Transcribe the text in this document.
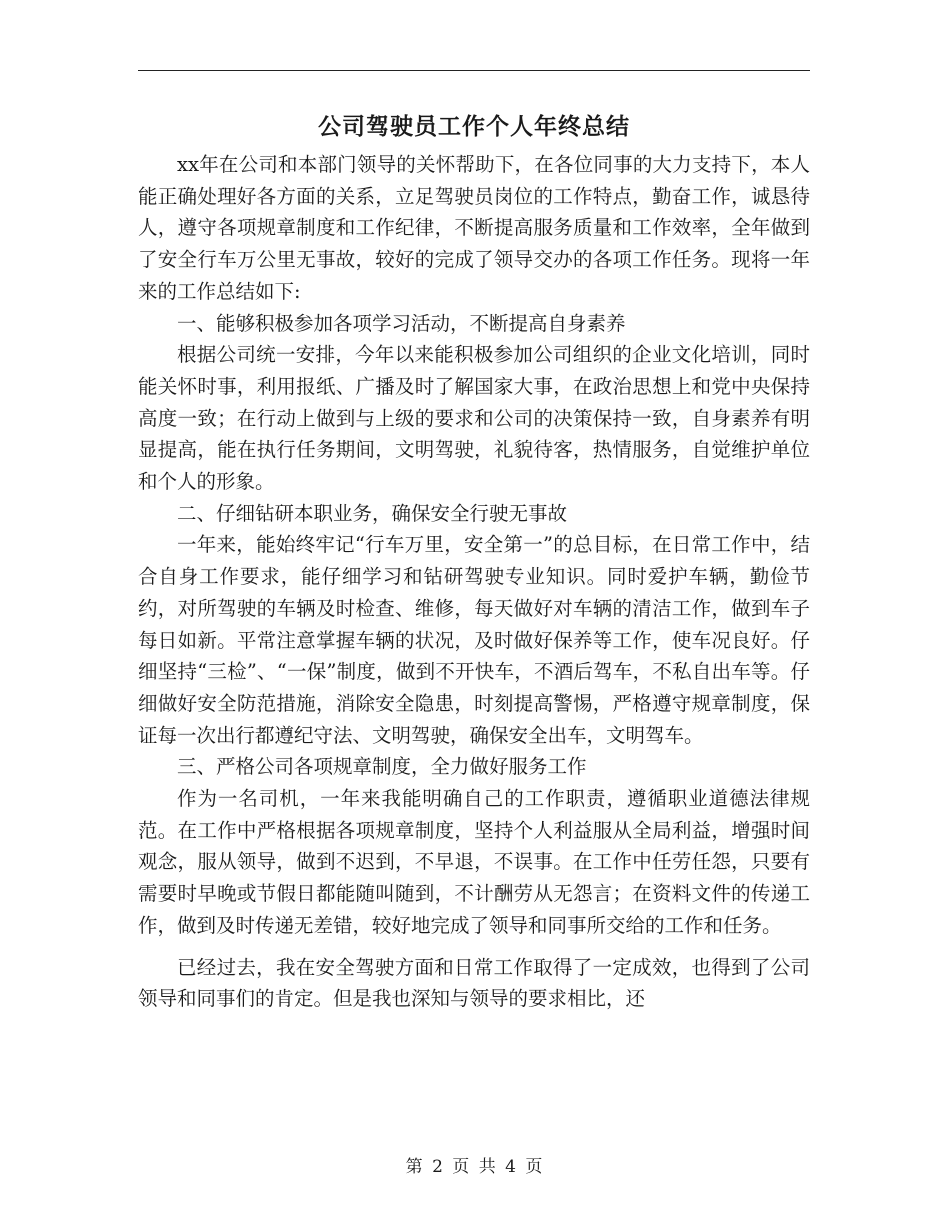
公司驾驶员工作个人年终总结

xx年在公司和本部门领导的关怀帮助下，在各位同事的大力支持下，本人能正确处理好各方面的关系，立足驾驶员岗位的工作特点，勤奋工作，诚恳待人，遵守各项规章制度和工作纪律，不断提高服务质量和工作效率，全年做到了安全行车万公里无事故，较好的完成了领导交办的各项工作任务。现将一年来的工作总结如下:

一、能够积极参加各项学习活动，不断提高自身素养

根据公司统一安排，今年以来能积极参加公司组织的企业文化培训，同时能关怀时事，利用报纸、广播及时了解国家大事，在政治思想上和党中央保持高度一致；在行动上做到与上级的要求和公司的决策保持一致，自身素养有明显提高，能在执行任务期间，文明驾驶，礼貌待客，热情服务，自觉维护单位和个人的形象。

二、仔细钻研本职业务，确保安全行驶无事故

一年来，能始终牢记“行车万里，安全第一”的总目标，在日常工作中，结合自身工作要求，能仔细学习和钻研驾驶专业知识。同时爱护车辆，勤俭节约，对所驾驶的车辆及时检查、维修，每天做好对车辆的清洁工作，做到车子每日如新。平常注意掌握车辆的状况，及时做好保养等工作，使车况良好。仔细坚持“三检”、“一保”制度，做到不开快车，不酒后驾车，不私自出车等。仔细做好安全防范措施，消除安全隐患，时刻提高警惕，严格遵守规章制度，保证每一次出行都遵纪守法、文明驾驶，确保安全出车，文明驾车。

三、严格公司各项规章制度，全力做好服务工作

作为一名司机，一年来我能明确自己的工作职责，遵循职业道德法律规范。在工作中严格根据各项规章制度，坚持个人利益服从全局利益，增强时间观念，服从领导，做到不迟到，不早退，不误事。在工作中任劳任怨，只要有需要时早晚或节假日都能随叫随到，不计酬劳从无怨言；在资料文件的传递工作，做到及时传递无差错，较好地完成了领导和同事所交给的工作和任务。

已经过去，我在安全驾驶方面和日常工作取得了一定成效，也得到了公司领导和同事们的肯定。但是我也深知与领导的要求相比，还

第 2 页 共 4 页
